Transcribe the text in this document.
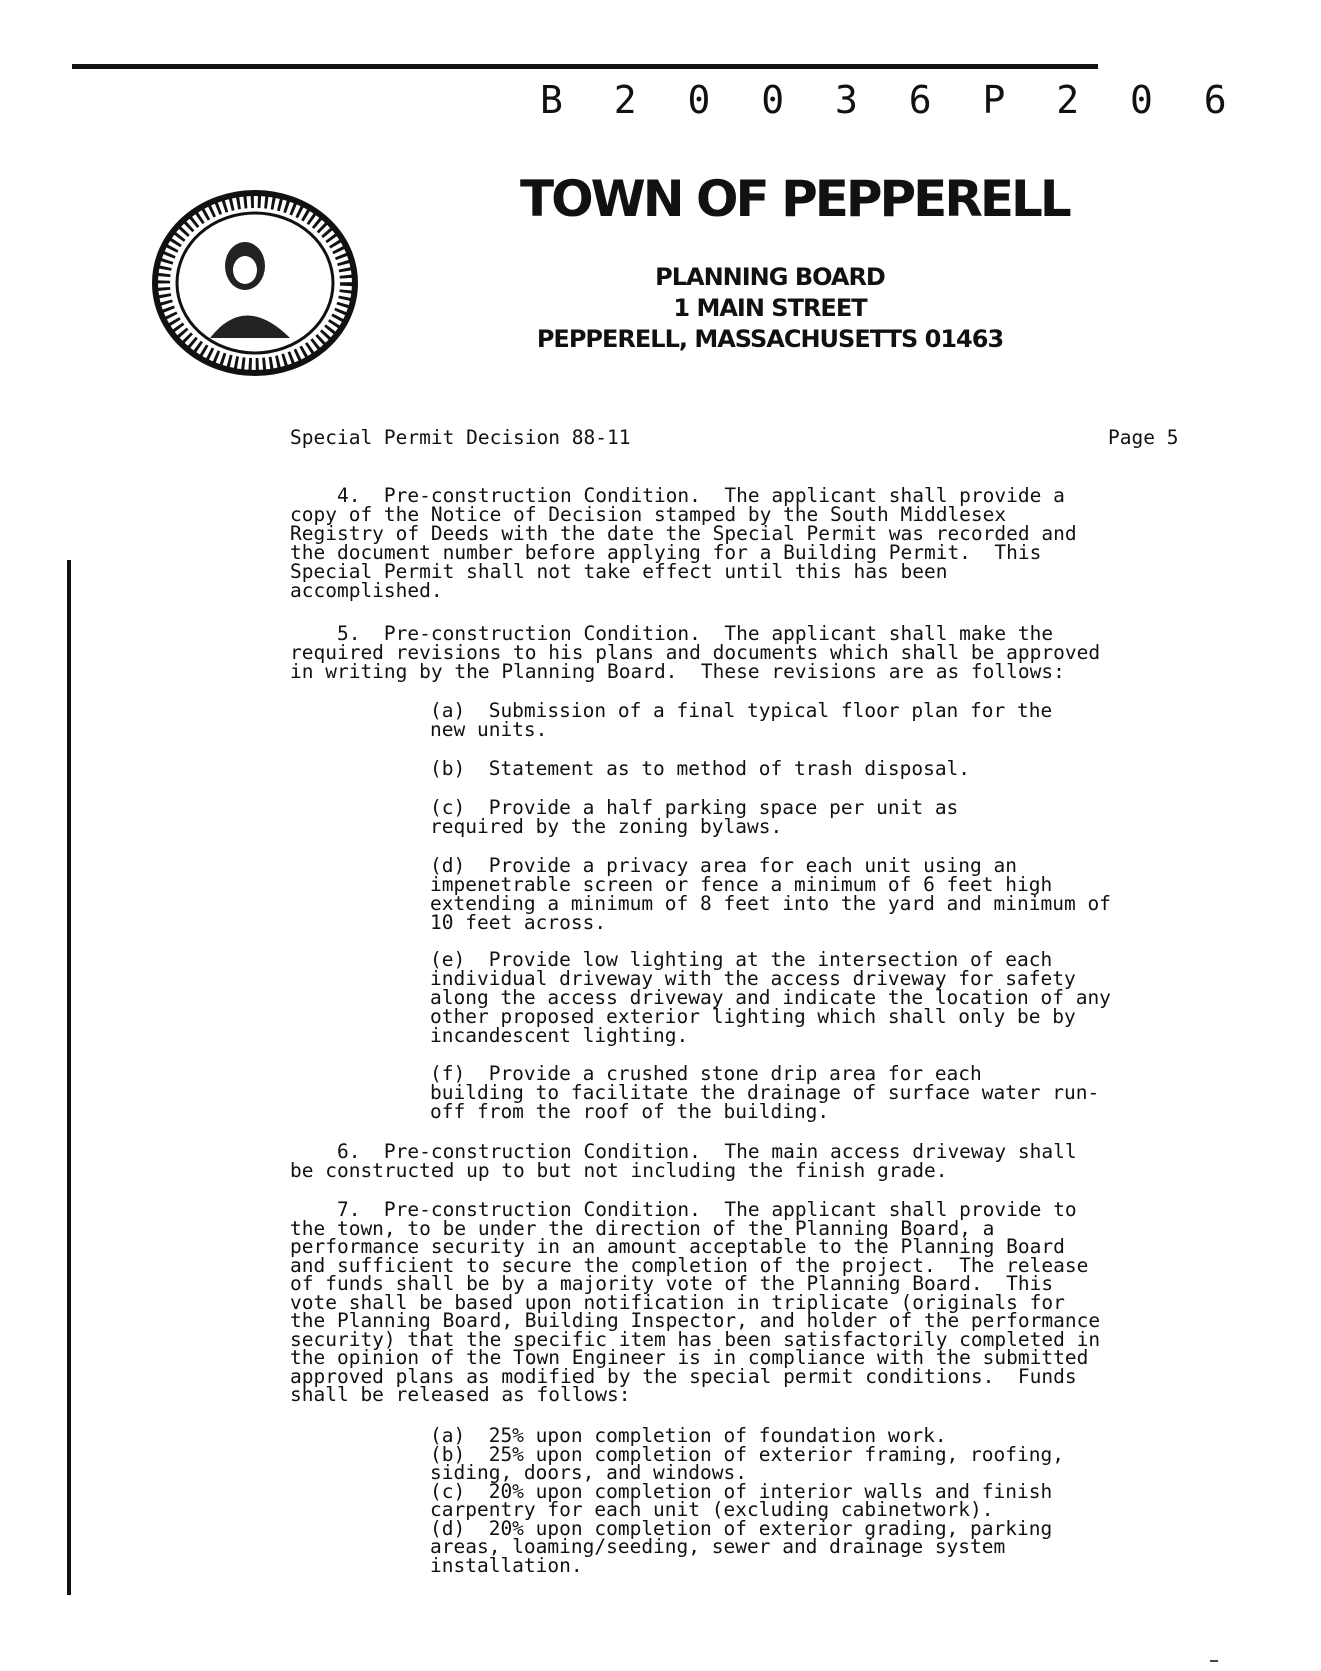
B 2 0 0 3 6 P 2 0 6
TOWN OF PEPPERELL
PLANNING BOARD
1 MAIN STREET
PEPPERELL, MASSACHUSETTS 01463
Special Permit Decision 88-11	Page 5
4.  Pre-construction Condition.  The applicant shall provide a
copy of the Notice of Decision stamped by the South Middlesex
Registry of Deeds with the date the Special Permit was recorded and
the document number before applying for a Building Permit.  This
Special Permit shall not take effect until this has been
accomplished.
5.  Pre-construction Condition.  The applicant shall make the
required revisions to his plans and documents which shall be approved
in writing by the Planning Board.  These revisions are as follows:
(a)  Submission of a final typical floor plan for the
new units.
(b)  Statement as to method of trash disposal.
(c)  Provide a half parking space per unit as
required by the zoning bylaws.
(d)  Provide a privacy area for each unit using an
impenetrable screen or fence a minimum of 6 feet high
extending a minimum of 8 feet into the yard and minimum of
10 feet across.
(e)  Provide low lighting at the intersection of each
individual driveway with the access driveway for safety
along the access driveway and indicate the location of any
other proposed exterior lighting which shall only be by
incandescent lighting.
(f)  Provide a crushed stone drip area for each
building to facilitate the drainage of surface water run-
off from the roof of the building.
6.  Pre-construction Condition.  The main access driveway shall
be constructed up to but not including the finish grade.
7.  Pre-construction Condition.  The applicant shall provide to
the town, to be under the direction of the Planning Board, a
performance security in an amount acceptable to the Planning Board
and sufficient to secure the completion of the project.  The release
of funds shall be by a majority vote of the Planning Board.  This
vote shall be based upon notification in triplicate (originals for
the Planning Board, Building Inspector, and holder of the performance
security) that the specific item has been satisfactorily completed in
the opinion of the Town Engineer is in compliance with the submitted
approved plans as modified by the special permit conditions.  Funds
shall be released as follows:
(a)  25% upon completion of foundation work.
(b)  25% upon completion of exterior framing, roofing,
siding, doors, and windows.
(c)  20% upon completion of interior walls and finish
carpentry for each unit (excluding cabinetwork).
(d)  20% upon completion of exterior grading, parking
areas, loaming/seeding, sewer and drainage system
installation.
